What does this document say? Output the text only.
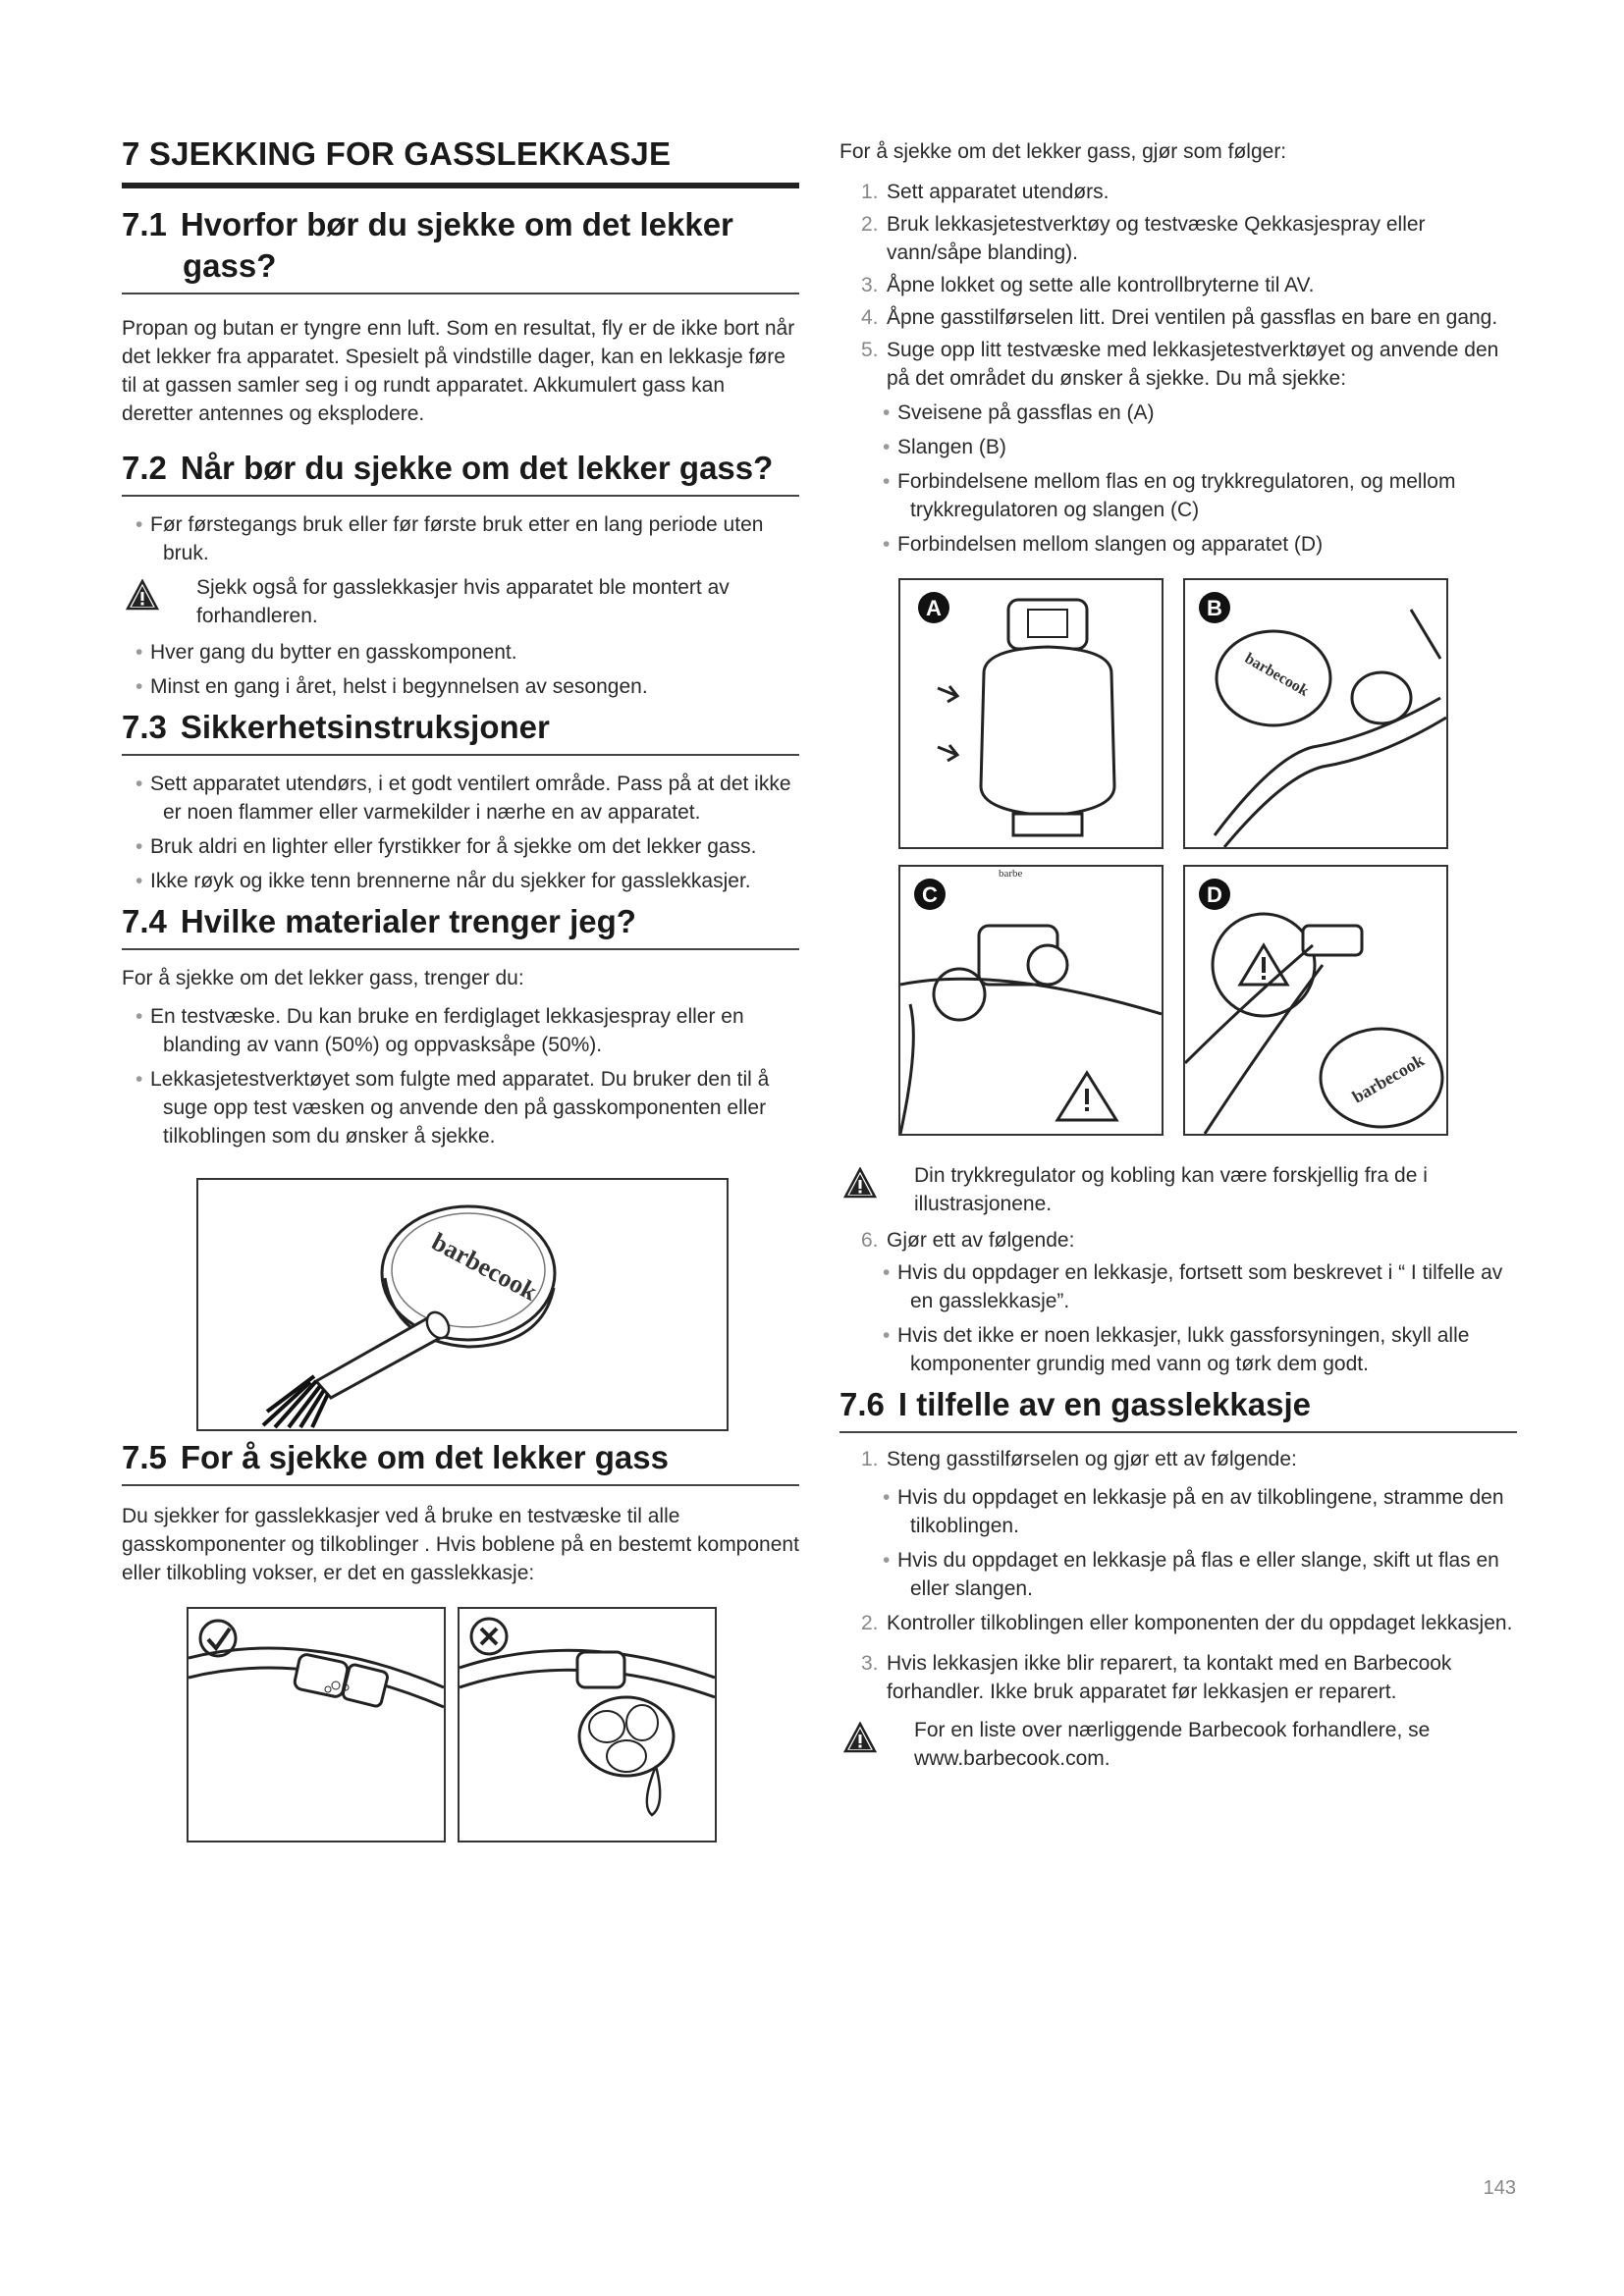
7 SJEKKING FOR GASSLEKKASJE
7.1 Hvorfor bør du sjekke om det lekker gass?

Propan og butan er tyngre enn luft. Som en resultat, fly er de ikke bort når det lekker fra apparatet. Spesielt på vindstille dager, kan en lekkasje føre til at gassen samler seg i og rundt apparatet. Akkumulert gass kan deretter antennes og eksplodere.

7.2 Når bør du sjekke om det lekker gass?
• Før førstegangs bruk eller før første bruk etter en lang periode uten bruk.
Sjekk også for gasslekkasjer hvis apparatet ble montert av forhandleren.
• Hver gang du bytter en gasskomponent.
• Minst en gang i året, helst i begynnelsen av sesongen.
7.3 Sikkerhetsinstruksjoner
• Sett apparatet utendørs, i et godt ventilert område. Pass på at det ikke er noen flammer eller varmekilder i nærhe en av apparatet.
• Bruk aldri en lighter eller fyrstikker for å sjekke om det lekker gass.
• Ikke røyk og ikke tenn brennerne når du sjekker for gasslekkasjer.
7.4 Hvilke materialer trenger jeg?

For å sjekke om det lekker gass, trenger du:

• En testvæske. Du kan bruke en ferdiglaget lekkasjespray eller en blanding av vann (50%) og oppvasksåpe (50%).
• Lekkasjetestverktøyet som fulgte med apparatet. Du bruker den til å suge opp test væsken og anvende den på gasskomponenten eller tilkoblingen som du ønsker å sjekke.
barbecook
7.5 For å sjekke om det lekker gass

Du sjekker for gasslekkasjer ved å bruke en testvæske til alle gasskomponenter og tilkoblinger . Hvis boblene på en bestemt komponent eller tilkobling vokser, er det en gasslekkasje:

For å sjekke om det lekker gass, gjør som følger:

1. Sett apparatet utendørs.
2. Bruk lekkasjetestverktøy og testvæske Qekkasjespray eller vann/såpe blanding).
3. Åpne lokket og sette alle kontrollbryterne til AV.
4. Åpne gasstilførselen litt. Drei ventilen på gassflas en bare en gang.
5. Suge opp litt testvæske med lekkasjetestverktøyet og anvende den på det området du ønsker å sjekke. Du må sjekke:
• Sveisene på gassflas en (A)
• Slangen (B)
• Forbindelsene mellom flas en og trykkregulatoren, og mellom trykkregulatoren og slangen (C)
• Forbindelsen mellom slangen og apparatet (D)
A	B
barbecook
C
barbe
D
barbecook
Din trykkregulator og kobling kan være forskjellig fra de i illustrasjonene.
6. Gjør ett av følgende:
• Hvis du oppdager en lekkasje, fortsett som beskrevet i “ I tilfelle av en gasslekkasje”.
• Hvis det ikke er noen lekkasjer, lukk gassforsyningen, skyll alle komponenter grundig med vann og tørk dem godt.
7.6 I tilfelle av en gasslekkasje
1. Steng gasstilførselen og gjør ett av følgende:
• Hvis du oppdaget en lekkasje på en av tilkoblingene, stramme den tilkoblingen.
• Hvis du oppdaget en lekkasje på flas e eller slange, skift ut flas en eller slangen.
2. Kontroller tilkoblingen eller komponenten der du oppdaget lekkasjen.
3. Hvis lekkasjen ikke blir reparert, ta kontakt med en Barbecook forhandler. Ikke bruk apparatet før lekkasjen er reparert.
For en liste over nærliggende Barbecook forhandlere, se www.barbecook.com.
143
